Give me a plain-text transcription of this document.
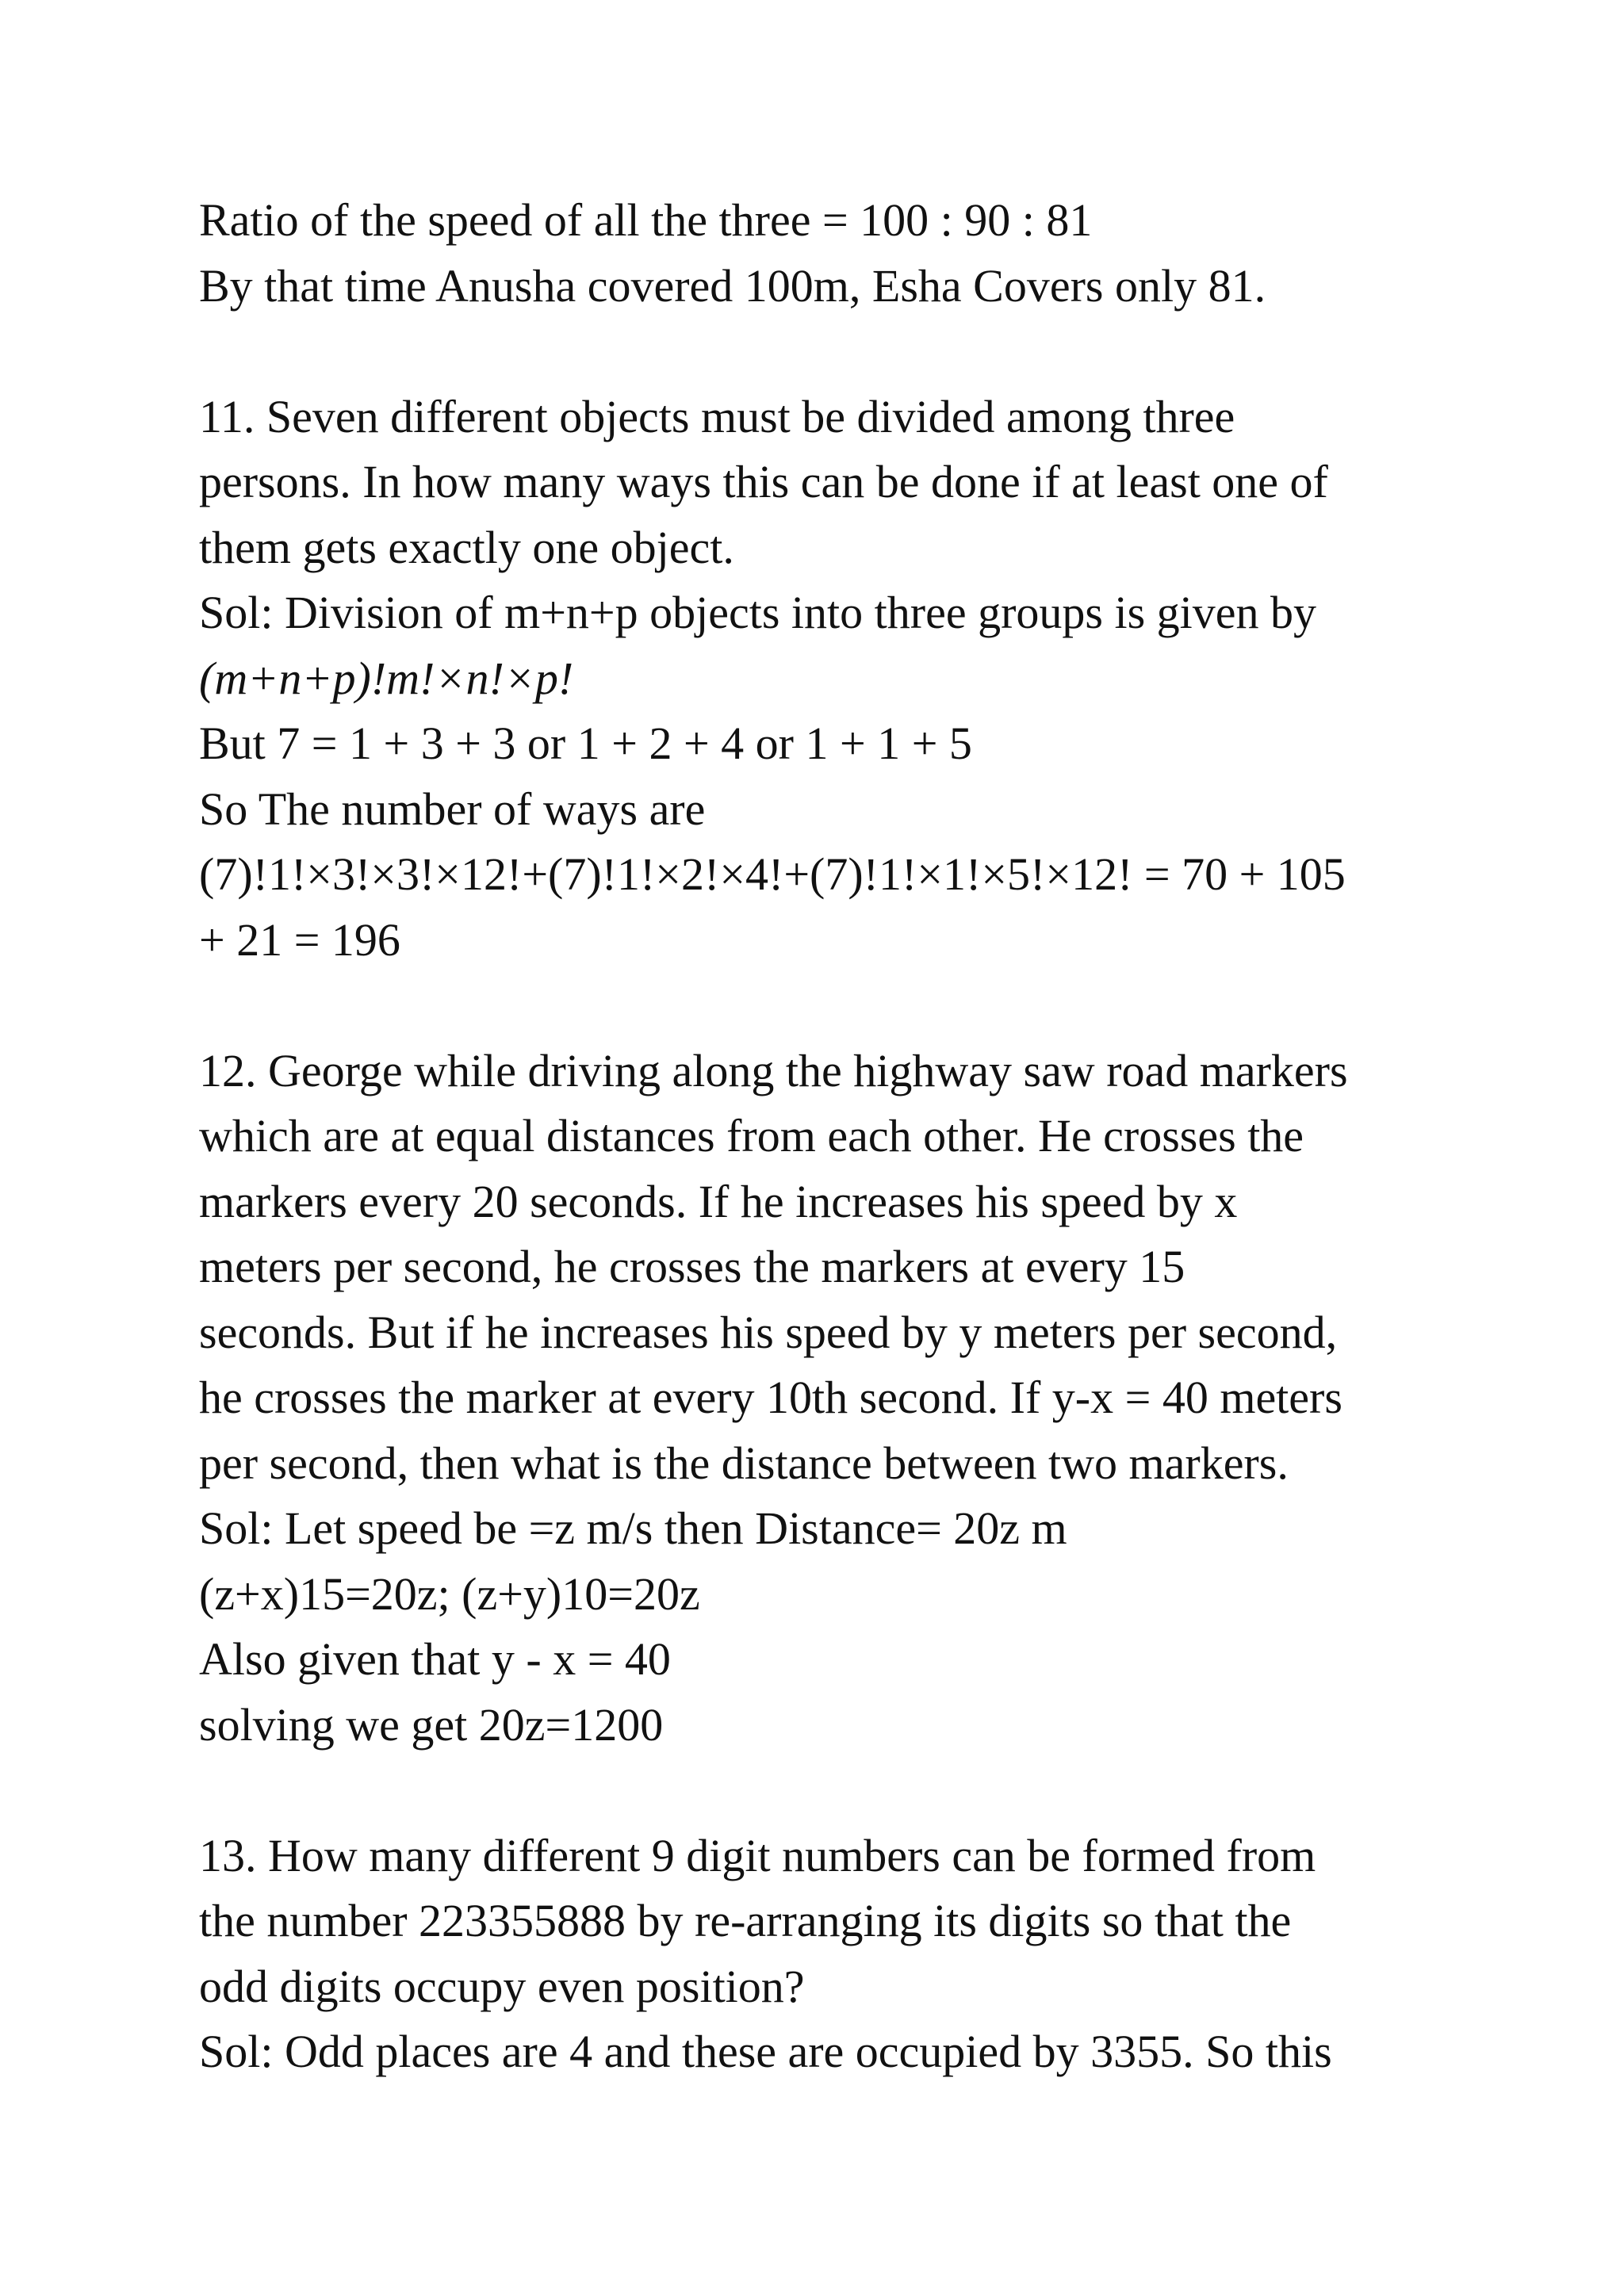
Ratio of the speed of all the three = 100 : 90 : 81
By that time Anusha covered 100m, Esha Covers only 81.
11. Seven different objects must be divided among three
persons. In how many ways this can be done if at least one of
them gets exactly one object.
Sol: Division of m+n+p objects into three groups is given by
(m+n+p)!m!×n!×p!
But 7 = 1 + 3 + 3 or 1 + 2 + 4 or 1 + 1 + 5
So The number of ways are
(7)!1!×3!×3!×12!+(7)!1!×2!×4!+(7)!1!×1!×5!×12! = 70 + 105
+ 21 = 196
12. George while driving along the highway saw road markers
which are at equal distances from each other. He crosses the
markers every 20 seconds. If he increases his speed by x
meters per second, he crosses the markers at every 15
seconds. But if he increases his speed by y meters per second,
he crosses the marker at every 10th second. If y-x = 40 meters
per second, then what is the distance between two markers.
Sol: Let speed be =z m/s then Distance= 20z m
(z+x)15=20z; (z+y)10=20z
Also given that y - x = 40
solving we get 20z=1200
13. How many different 9 digit numbers can be formed from
the number 223355888 by re-arranging its digits so that the
odd digits occupy even position?
Sol: Odd places are 4 and these are occupied by 3355. So this
